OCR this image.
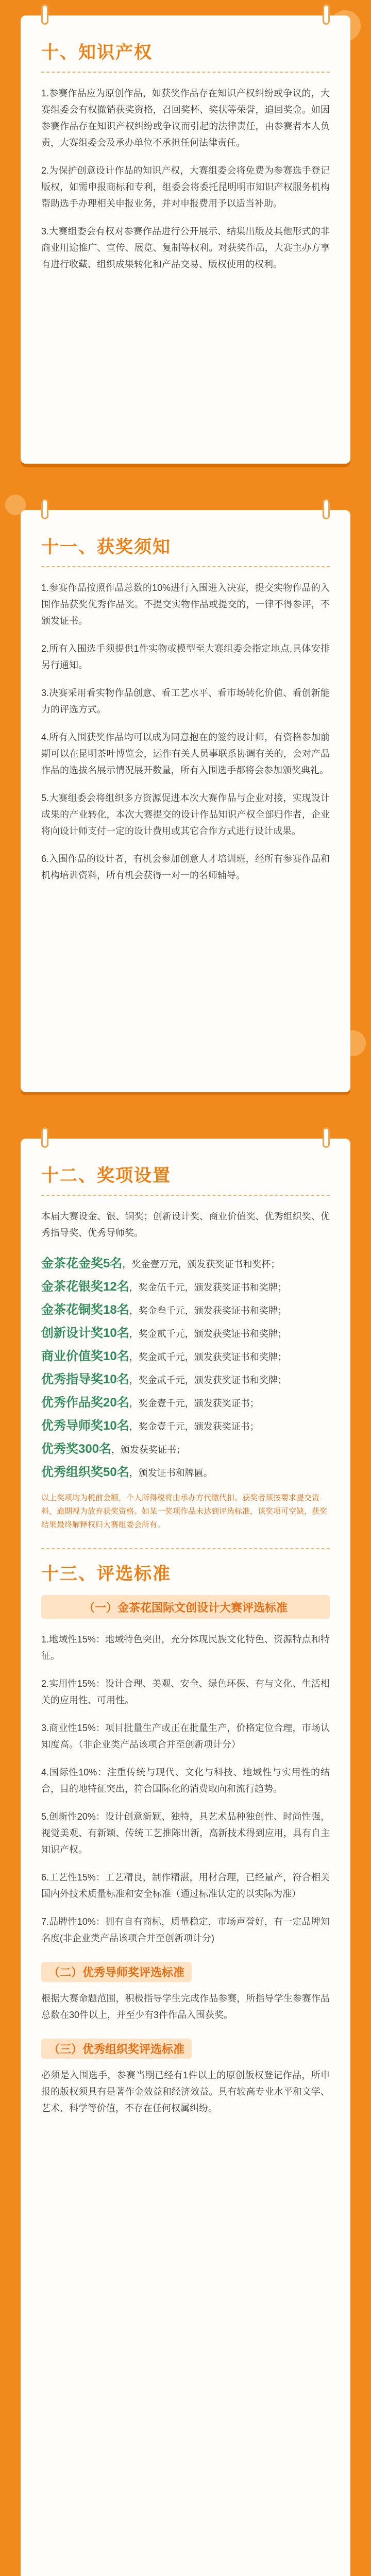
十、知识产权

1.参赛作品应为原创作品，如获奖作品存在知识产权纠纷或争议的，大赛组委会有权撤销获奖资格，召回奖杯、奖状等荣誉，追回奖金。如因参赛作品存在知识产权纠纷或争议而引起的法律责任，由参赛者本人负责，大赛组委会及承办单位不承担任何法律责任。

2.为保护创意设计作品的知识产权，大赛组委会将免费为参赛选手登记版权，如需申报商标和专利，组委会将委托昆明明市知识产权服务机构帮助选手办理相关申报业务，并对申报费用予以适当补助。

3.大赛组委会有权对参赛作品进行公开展示、结集出版及其他形式的非商业用途推广、宣传、展览、复制等权利。对获奖作品，大赛主办方享有进行收藏、组织成果转化和产品交易、版权使用的权利。

十一、获奖须知

1.参赛作品按照作品总数的10%进行入围进入决赛，提交实物作品的入围作品获奖优秀作品奖。不提交实物作品或提交的，一律不得参评，不颁发证书。

2.所有入围选手须提供1件实物或模型至大赛组委会指定地点,具体安排另行通知。

3.决赛采用看实物作品创意、看工艺水平、看市场转化价值、看创新能力的评选方式。

4.所有入围获奖作品均可以成为同意抱在的签约设计师，有资格参加前期可以在昆明茶叶博览会，运作有关人员事联系协调有关的，会对产品作品的选拔名展示情况展开数量，所有入围选手都将会参加颁奖典礼。

5.大赛组委会将组织多方资源促进本次大赛作品与企业对接，实现设计成果的产业转化，本次大赛提交的设计作品知识产权全部归作者，企业将向设计师支付一定的设计费用或其它合作方式进行设计成果。

6.入围作品的设计者，有机会参加创意人才培训班，经所有参赛作品和机构培训资料，所有机会获得一对一的名师辅导。

十二、奖项设置

本届大赛设金、银、铜奖；创新设计奖、商业价值奖、优秀组织奖、优秀指导奖、优秀导师奖。

金茶花金奖5名，奖金壹万元，颁发获奖证书和奖杯；
金茶花银奖12名，奖金伍千元，颁发获奖证书和奖牌；
金茶花铜奖18名，奖金叁千元，颁发获奖证书和奖牌；
创新设计奖10名，奖金贰千元，颁发获奖证书和奖牌；
商业价值奖10名，奖金贰千元，颁发获奖证书和奖牌；
优秀指导奖10名，奖金贰千元，颁发获奖证书和奖牌；
优秀作品奖20名，奖金壹千元，颁发获奖证书；
优秀导师奖10名，奖金壹千元，颁发获奖证书；
优秀奖300名，颁发获奖证书；
优秀组织奖50名，颁发证书和牌匾。

以上奖项均为税前金额，个人所得税将由承办方代缴代扣。获奖者须按要求提交资料，逾期视为放弃获奖资格。如某一奖项作品未达到评选标准，该奖项可空缺，获奖结果最终解释权归大赛组委会所有。

十三、评选标准
（一）金茶花国际文创设计大赛评选标准

1.地域性15%：地域特色突出，充分体现民族文化特色、资源特点和特征。

2.实用性15%：设计合理、美观、安全、绿色环保、有与文化、生活相关的应用性、可用性。

3.商业性15%：项目批量生产或正在批量生产，价格定位合理，市场认知度高。（非企业类产品该项合并至创新项计分）

4.国际性10%：注重传统与现代、文化与科技、地域性与实用性的结合，目的地特征突出，符合国际化的消费取向和流行趋势。

5.创新性20%：设计创意新颖、独特，具艺术品种独创性、时尚性强，视觉美观、有新颖、传统工艺推陈出新，高新技术得到应用，具有自主知识产权。

6.工艺性15%：工艺精良，制作精湛，用材合理，已经量产，符合相关国内外技术质量标准和安全标准（通过标准认定的以实际为准）

7.品牌性10%：拥有自有商标，质量稳定，市场声誉好，有一定品牌知名度(非企业类产品该项合并至创新项计分)

（二）优秀导师奖评选标准

根据大赛命题范围，积极指导学生完成作品参赛，所指导学生参赛作品总数在30件以上，并至少有3件作品入围获奖。

（三）优秀组织奖评选标准

必须是入围选手，参赛当期已经有1件以上的原创版权登记作品，所申报的版权须具有是著作金效益和经济效益。具有较高专业水平和文学、艺术、科学等价值，不存在任何权属纠纷。
